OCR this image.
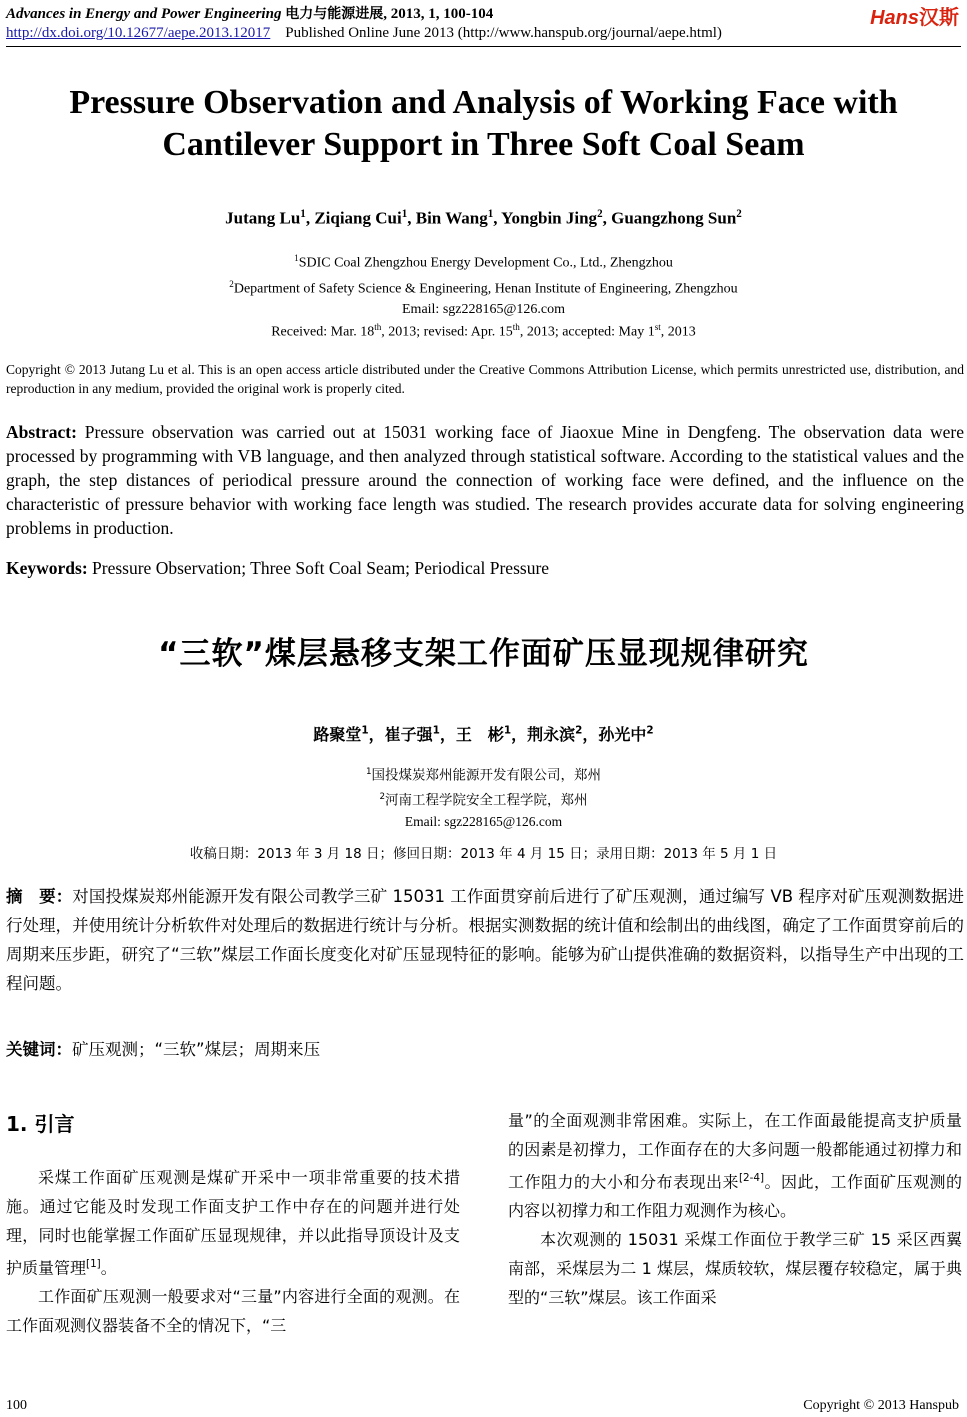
Advances in Energy and Power Engineering 电力与能源进展, 2013, 1, 100-104	Hans汉斯
http://dx.doi.org/10.12677/aepe.2013.12017 Published Online June 2013 (http://www.hanspub.org/journal/aepe.html)
Pressure Observation and Analysis of Working Face with
Cantilever Support in Three Soft Coal Seam
Jutang Lu$^1$, Ziqiang Cui$^1$, Bin Wang$^1$, Yongbin Jing$^2$, Guangzhong Sun$^2$
$^1$SDIC Coal Zhengzhou Energy Development Co., Ltd., Zhengzhou
$^2$Department of Safety Science & Engineering, Henan Institute of Engineering, Zhengzhou
Email: sgz228165@126.com
Received: Mar. 18th, 2013; revised: Apr. 15th, 2013; accepted: May 1st, 2013
Copyright © 2013 Jutang Lu et al. This is an open access article distributed under the Creative Commons Attribution License, which permits unrestricted use, distribution, and reproduction in any medium, provided the original work is properly cited.
Abstract: Pressure observation was carried out at 15031 working face of Jiaoxue Mine in Dengfeng. The observation data were processed by programming with VB language, and then analyzed through statistical software. According to the statistical values and the graph, the step distances of periodical pressure around the connection of working face were defined, and the influence on the characteristic of pressure behavior with working face length was studied. The research provides accurate data for solving engineering problems in production.
Keywords: Pressure Observation; Three Soft Coal Seam; Periodical Pressure
“三软”煤层悬移支架工作面矿压显现规律研究
路聚堂$^1$，崔子强$^1$，王　彬$^1$，荆永滨$^2$，孙光中$^2$
$^1$国投煤炭郑州能源开发有限公司，郑州
$^2$河南工程学院安全工程学院，郑州
Email: sgz228165@126.com
收稿日期：2013 年 3 月 18 日；修回日期：2013 年 4 月 15 日；录用日期：2013 年 5 月 1 日
摘　要：对国投煤炭郑州能源开发有限公司教学三矿 15031 工作面贯穿前后进行了矿压观测，通过编写 VB 程序对矿压观测数据进行处理，并使用统计分析软件对处理后的数据进行统计与分析。根据实测数据的统计值和绘制出的曲线图，确定了工作面贯穿前后的周期来压步距，研究了“三软”煤层工作面长度变化对矿压显现特征的影响。能够为矿山提供准确的数据资料，以指导生产中出现的工程问题。
关键词：矿压观测；“三软”煤层；周期来压
1. 引言

采煤工作面矿压观测是煤矿开采中一项非常重要的技术措施。通过它能及时发现工作面支护工作中存在的问题并进行处理，同时也能掌握工作面矿压显现规律，并以此指导顶设计及支护质量管理[1]。

工作面矿压观测一般要求对“三量”内容进行全面的观测。在工作面观测仪器装备不全的情况下，“三

量”的全面观测非常困难。实际上，在工作面最能提高支护质量的因素是初撑力，工作面存在的大多问题一般都能通过初撑力和工作阻力的大小和分布表现出来[2-4]。因此，工作面矿压观测的内容以初撑力和工作阻力观测作为核心。

本次观测的 15031 采煤工作面位于教学三矿 15 采区西翼南部，采煤层为二 1 煤层，煤质较软，煤层覆存较稳定，属于典型的“三软”煤层。该工作面采

100	Copyright © 2013 Hanspub
